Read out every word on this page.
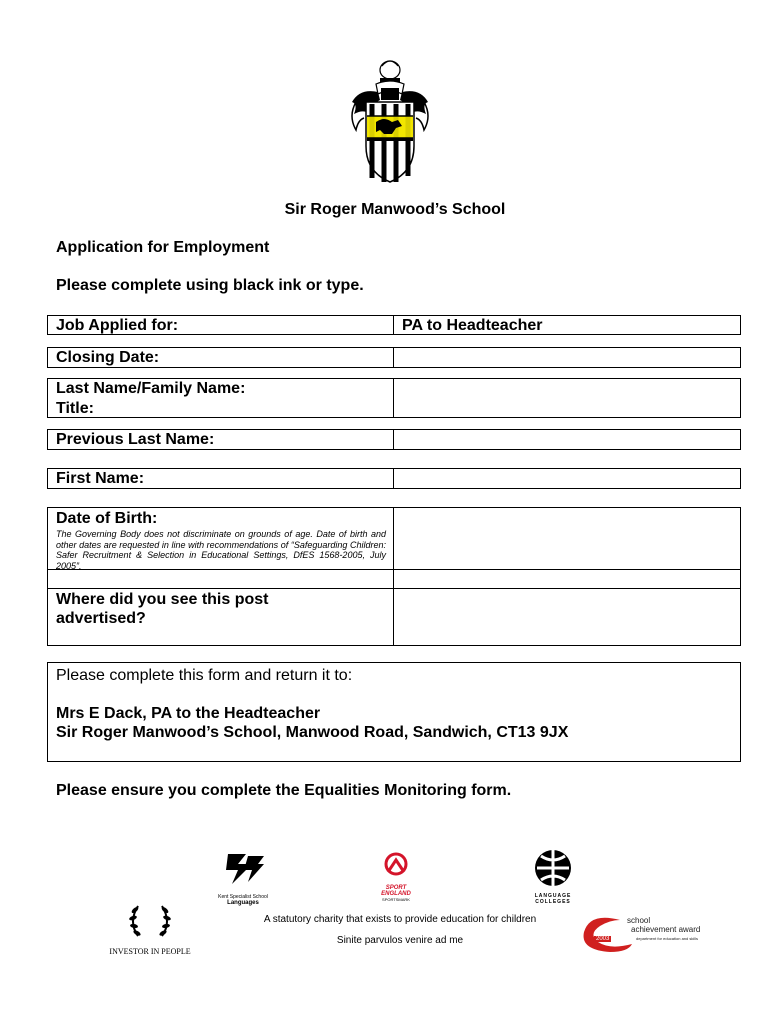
Sir Roger Manwood’s School
Application for Employment
Please complete using black ink or type.
Job Applied for:	PA to Headteacher
Closing Date:
Last Name/Family Name:
Title:
Previous Last Name:
First Name:
Date of Birth:
The Governing Body does not discriminate on grounds of age. Date of birth and other dates are requested in line with recommendations of “Safeguarding Children: Safer Recruitment & Selection in Educational Settings, DfES 1568-2005, July 2005”.
Where did you see this post
advertised?
Please complete this form and return it to:
Mrs E Dack, PA to the Headteacher
Sir Roger Manwood’s School, Manwood Road, Sandwich, CT13 9JX
Please ensure you complete the Equalities Monitoring form.
Kent Specialist School
Languages
SPORT
ENGLAND
SPORTSMARK
LANGUAGE
COLLEGES
INVESTOR IN PEOPLE
A statutory charity that exists to provide education for children
Sinite parvulos venire ad me	2003
school
achievement award
department for education and skills
